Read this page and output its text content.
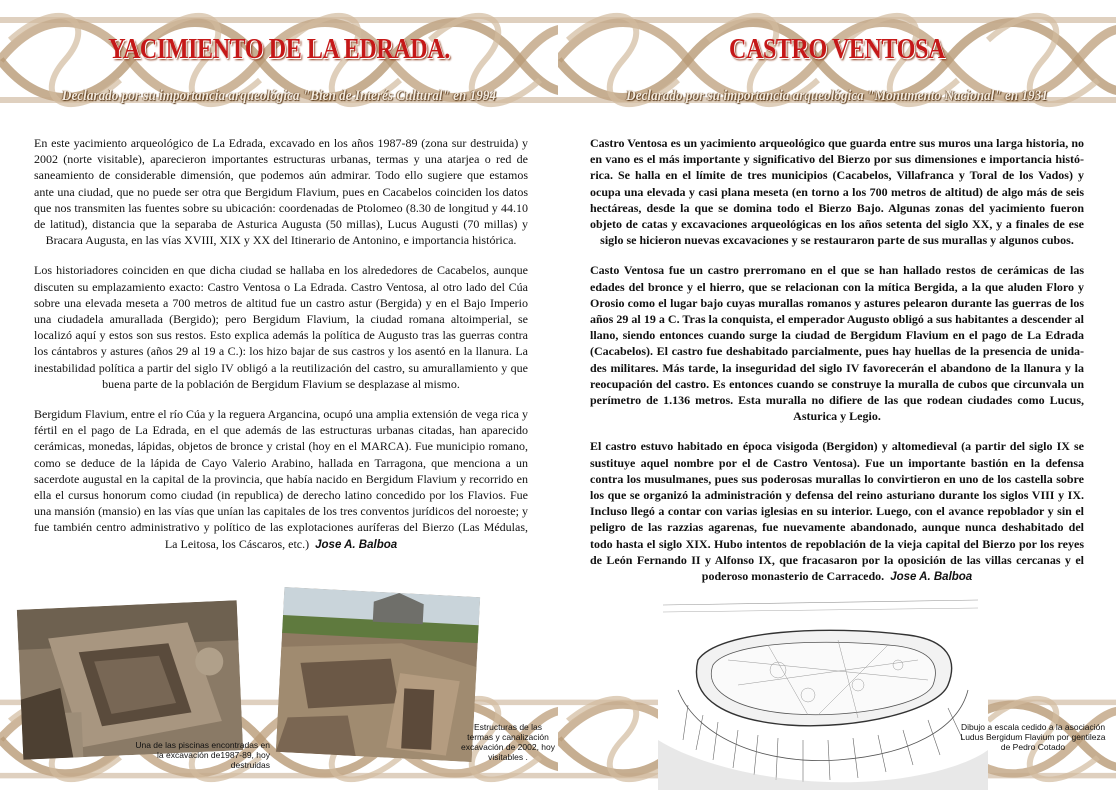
YACIMIENTO DE LA EDRADA.
Declarado por su importancia arqueológica "Bien de Interés Cultural" en 1994

En este yacimiento arqueológico de La Edrada, excavado en los años 1987-89 (zona sur destruida) y 2002 (norte visitable), aparecieron importantes estructuras urbanas, termas y una atarjea o red de saneamiento de considerable dimensión, que podemos aún admirar. Todo ello sugiere que estamos ante una ciudad, que no puede ser otra que Bergidum Flavium, pues en Cacabelos coinciden los datos que nos transmiten las fuentes sobre su ubicación: coordenadas de Ptolomeo (8.30 de longitud y 44.10 de latitud), distancia que la separaba de Asturica Augusta (50 millas), Lucus Augusti (70 millas) y Bracara Augusta, en las vías XVIII, XIX y XX del Itinerario de Antonino, e importancia histórica.

Los historiadores coinciden en que dicha ciudad se hallaba en los alrededores de Cacabelos, aunque discuten su emplazamiento exacto: Castro Ventosa o La Edrada. Castro Ventosa, al otro lado del Cúa sobre una elevada meseta a 700 metros de altitud fue un castro astur (Bergida) y en el Bajo Imperio una ciudadela amurallada (Bergido); pero Bergidum Flavium, la ciudad romana altoimperial, se localizó aquí y estos son sus restos. Esto explica además la política de Augusto tras las guerras contra los cántabros y astures (años 29 al 19 a C.): los hizo bajar de sus castros y los asentó en la llanura. La inestabilidad política a partir del siglo IV obligó a la reutilización del castro, su amurallamiento y que buena parte de la población de Bergidum Flavium se desplazase al mismo.

Bergidum Flavium, entre el río Cúa y la reguera Argancina, ocupó una amplia extensión de vega rica y fértil en el pago de La Edrada, en el que además de las estructuras urbanas citadas, han aparecido cerámicas, monedas, lápidas, objetos de bronce y cristal (hoy en el MARCA). Fue municipio romano, como se deduce de la lápida de Cayo Valerio Arabino, hallada en Tarragona, que menciona a un sacerdote augustal en la capital de la provincia, que había nacido en Bergidum Flavium y recorrido en ella el cursus honorum como ciudad (in republica) de derecho latino concedido por los Flavios. Fue una mansión (mansio) en las vías que unían las capitales de los tres conventos jurídicos del noroeste; y fue también centro administrativo y político de las explotaciones auríferas del Bierzo (Las Médulas, La Leitosa, los Cáscaros, etc.) Jose A. Balboa

Una de las piscinas encontradas en la excavación de1987-89, hoy destruidas
Estructuras de las termas y canalización excavación de 2002, hoy visitables .
CASTRO VENTOSA
Declarado por su importancia arqueológica "Monumento Nacional" en 1931

Castro Ventosa es un yacimiento arqueológico que guarda entre sus muros una larga historia, no en vano es el más importante y significativo del Bierzo por sus dimensiones e importancia histó-rica. Se halla en el límite de tres municipios (Cacabelos, Villafranca y Toral de los Vados) y ocupa una elevada y casi plana meseta (en torno a los 700 metros de altitud) de algo más de seis hectáreas, desde la que se domina todo el Bierzo Bajo. Algunas zonas del yacimiento fueron objeto de catas y excavaciones arqueológicas en los años setenta del siglo XX, y a finales de ese siglo se hicieron nuevas excavaciones y se restauraron parte de sus murallas y algunos cubos.

Casto Ventosa fue un castro prerromano en el que se han hallado restos de cerámicas de las edades del bronce y el hierro, que se relacionan con la mítica Bergida, a la que aluden Floro y Orosio como el lugar bajo cuyas murallas romanos y astures pelearon durante las guerras de los años 29 al 19 a C. Tras la conquista, el emperador Augusto obligó a sus habitantes a descender al llano, siendo entonces cuando surge la ciudad de Bergidum Flavium en el pago de La Edrada (Cacabelos). El castro fue deshabitado parcialmente, pues hay huellas de la presencia de unida-des militares. Más tarde, la inseguridad del siglo IV favorecerán el abandono de la llanura y la reocupación del castro. Es entonces cuando se construye la muralla de cubos que circunvala un perímetro de 1.136 metros. Esta muralla no difiere de las que rodean ciudades como Lucus, Asturica y Legio.

El castro estuvo habitado en época visigoda (Bergidon) y altomedieval (a partir del siglo IX se sustituye aquel nombre por el de Castro Ventosa). Fue un importante bastión en la defensa contra los musulmanes, pues sus poderosas murallas lo convirtieron en uno de los castella sobre los que se organizó la administración y defensa del reino asturiano durante los siglos VIII y IX. Incluso llegó a contar con varias iglesias en su interior. Luego, con el avance repoblador y sin el peligro de las razzias agarenas, fue nuevamente abandonado, aunque nunca deshabitado del todo hasta el siglo XIX. Hubo intentos de repoblación de la vieja capital del Bierzo por los reyes de León Fernando II y Alfonso IX, que fracasaron por la oposición de las villas cercanas y el poderoso monasterio de Carracedo. Jose A. Balboa

Dibujo a escala cedido a la asociación Ludus Bergidum Flavium por gentileza de Pedro Cotado
